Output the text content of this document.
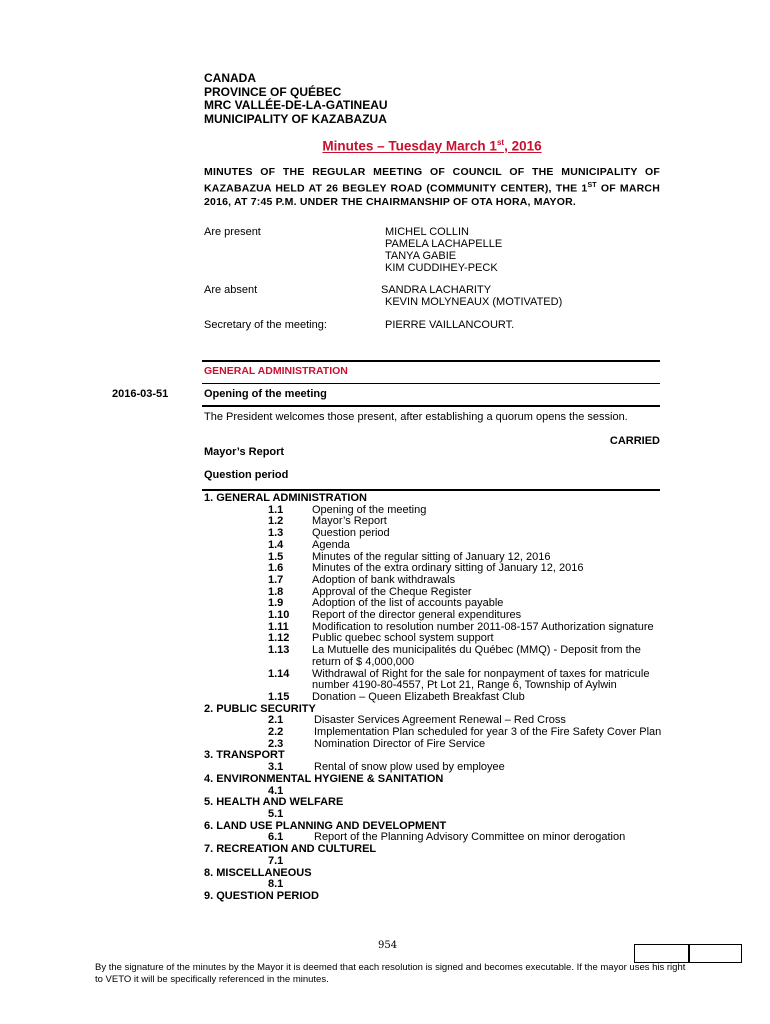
CANADA
PROVINCE OF QUÉBEC
MRC VALLÉE-DE-LA-GATINEAU
MUNICIPALITY OF KAZABAZUA
Minutes – Tuesday March 1st, 2016
MINUTES OF THE REGULAR MEETING OF COUNCIL OF THE MUNICIPALITY OF KAZABAZUA HELD AT 26 BEGLEY ROAD (COMMUNITY CENTER), THE 1ST OF MARCH 2016, AT 7:45 P.M. UNDER THE CHAIRMANSHIP OF OTA HORA, MAYOR.
Are present	MICHEL COLLIN
PAMELA LACHAPELLE
TANYA GABIE
KIM CUDDIHEY-PECK
Are absent	SANDRA LACHARITY
KEVIN MOLYNEAUX (MOTIVATED)
Secretary of the meeting:	PIERRE VAILLANCOURT.
GENERAL ADMINISTRATION
2016-03-51	Opening of the meeting
The President welcomes those present, after establishing a quorum opens the session.
CARRIED
Mayor’s Report
Question period
1. GENERAL ADMINISTRATION
1.1	Opening of the meeting
1.2	Mayor’s Report
1.3	Question period
1.4	Agenda
1.5	Minutes of the regular sitting of January 12, 2016
1.6	Minutes of the extra ordinary sitting of January 12, 2016
1.7	Adoption of bank withdrawals
1.8	Approval of the Cheque Register
1.9	Adoption of the list of accounts payable
1.10	Report of the director general expenditures
1.11	Modification to resolution number 2011-08-157 Authorization signature
1.12	Public quebec school system support
1.13	La Mutuelle des municipalités du Québec (MMQ) - Deposit from the return of $ 4,000,000
1.14	Withdrawal of Right for the sale for nonpayment of taxes for matricule number 4190-80-4557, Pt Lot 21, Range 6, Township of Aylwin
1.15	Donation – Queen Elizabeth Breakfast Club
2. PUBLIC SECURITY
2.1	Disaster Services Agreement Renewal – Red Cross
2.2	Implementation Plan scheduled for year 3 of the Fire Safety Cover Plan
2.3	Nomination Director of Fire Service
3. TRANSPORT
3.1	Rental of snow plow used by employee
4. ENVIRONMENTAL HYGIENE & SANITATION
4.1
5. HEALTH AND WELFARE
5.1
6. LAND USE PLANNING AND DEVELOPMENT
6.1	Report of the Planning Advisory Committee on minor derogation
7. RECREATION AND CULTUREL
7.1
8. MISCELLANEOUS
8.1
9. QUESTION PERIOD
954
By the signature of the minutes by the Mayor it is deemed that each resolution is signed and becomes executable. If the mayor uses his right to VETO it will be specifically referenced in the minutes.
